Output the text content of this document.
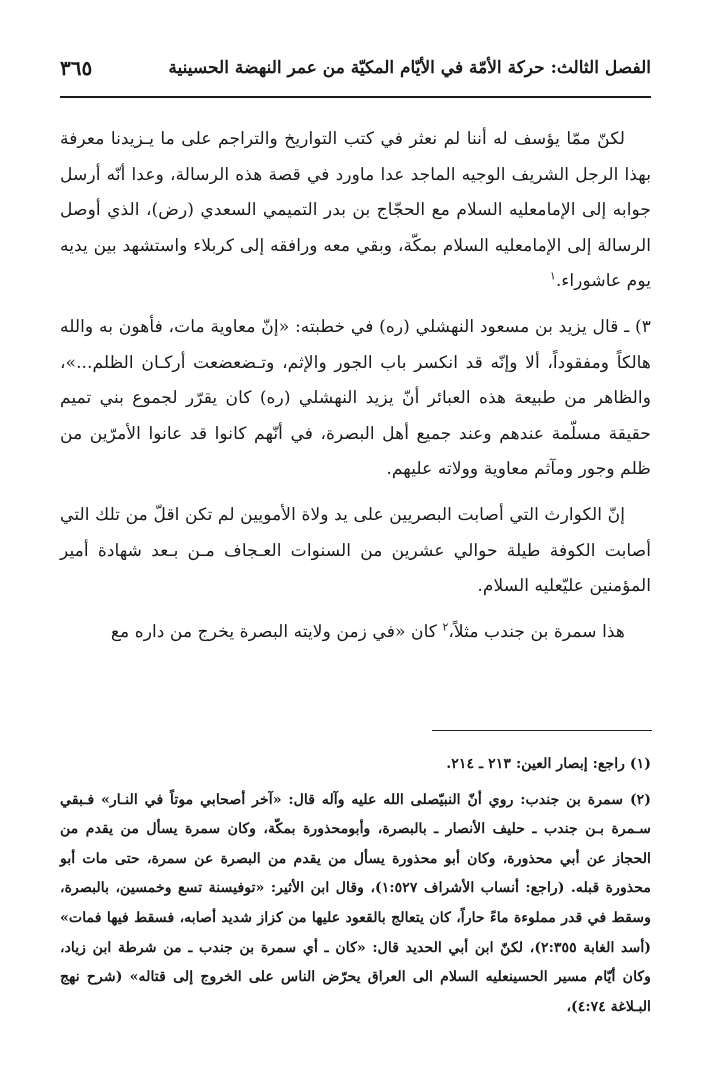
الفصل الثالث: حركة الأمّة في الأيّام المكيّة من عمر النهضة الحسينية
٣٦٥

لكنّ ممّا يؤسف له أننا لم نعثر في كتب التواريخ والتراجم على ما يـزيدنا معرفة بهذا الرجل الشريف الوجيه الماجد عدا ماورد في قصة هذه الرسالة، وعدا أنّه أرسل جوابه إلى الإمامعليه السلام مع الحجّاج بن بدر التميمي السعدي (رض)، الذي أوصل الرسالة إلى الإمامعليه السلام بمكّة، وبقي معه ورافقه إلى كربلاء واستشهد بين يديه يوم عاشوراء.$^١$

٣) ـ قال يزيد بن مسعود النهشلي (ره) في خطبته: «إنّ معاوية مات، فأهون به والله هالكاً ومفقوداً، ألا وإنّه قد انكسر باب الجور والإثم، وتـضعضعت أركـان الظلم...»، والظاهر من طبيعة هذه العبائر أنّ يزيد النهشلي (ره) كان يقرّر لجموع بني تميم حقيقة مسلّمة عندهم وعند جميع أهل البصرة، في أنّهم كانوا قد عانوا الأمرّين من ظلم وجور ومآثم معاوية وولاته عليهم.

إنّ الكوارث التي أصابت البصريين على يد ولاة الأمويين لم تكن اقلّ من تلك التي أصابت الكوفة طيلة حوالي عشرين من السنوات العـجاف مـن بـعد شهادة أمير المؤمنين عليّعليه السلام.

هذا سمرة بن جندب مثلاً،$^٢$ كان «في زمن ولايته البصرة يخرج من داره مع

(١) راجع: إبصار العين: ٢١٣ ـ ٢١٤.

(٢) سمرة بن جندب: روي أنّ النبيّصلى الله عليه وآله قال: «آخر أصحابي موتاً في النـار» فـبقي سـمرة بـن جندب ـ حليف الأنصار ـ بالبصرة، وأبومحذورة بمكّة، وكان سمرة يسأل من يقدم من الحجاز عن أبي محذورة، وكان أبو محذورة يسأل من يقدم من البصرة عن سمرة، حتى مات أبو محذورة قبله. (راجع: أنساب الأشراف ١:٥٢٧)، وقال ابن الأثير: «توفيسنة تسع وخمسين، بالبصرة، وسقط في قدر مملوءة ماءً حاراً، كان يتعالج بالقعود عليها من كزاز شديد أصابه، فسقط فيها فمات» (أسد الغابة ٢:٣٥٥)، لكنّ ابن أبي الحديد قال: «كان ـ أي سمرة بن جندب ـ من شرطة ابن زياد، وكان أيّام مسير الحسينعليه السلام الى العراق يحرّض الناس على الخروج إلى قتاله» (شرح نهج البـلاغة ٤:٧٤)،
